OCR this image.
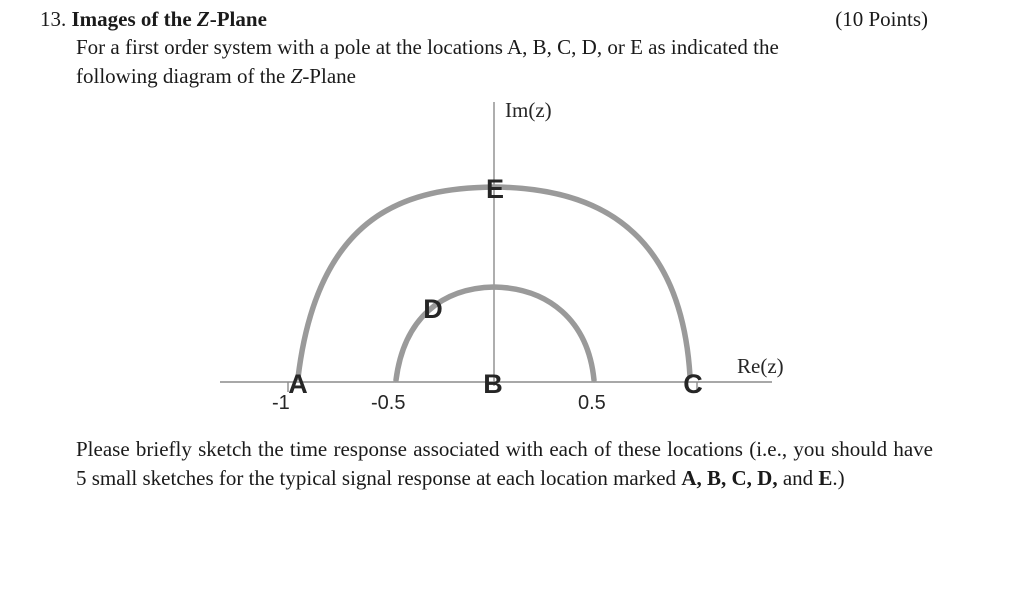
13. Images of the Z-Plane	(10 Points)
For a first order system with a pole at the locations A, B, C, D, or E as indicated the
following diagram of the Z-Plane
Im(z)
Re(z)
-1	-0.5	0.5
A	B	C
D
E
Please briefly sketch the time response associated with each of these locations (i.e., you should have 5 small sketches for the typical signal response at each location marked A, B, C, D, and E.)
